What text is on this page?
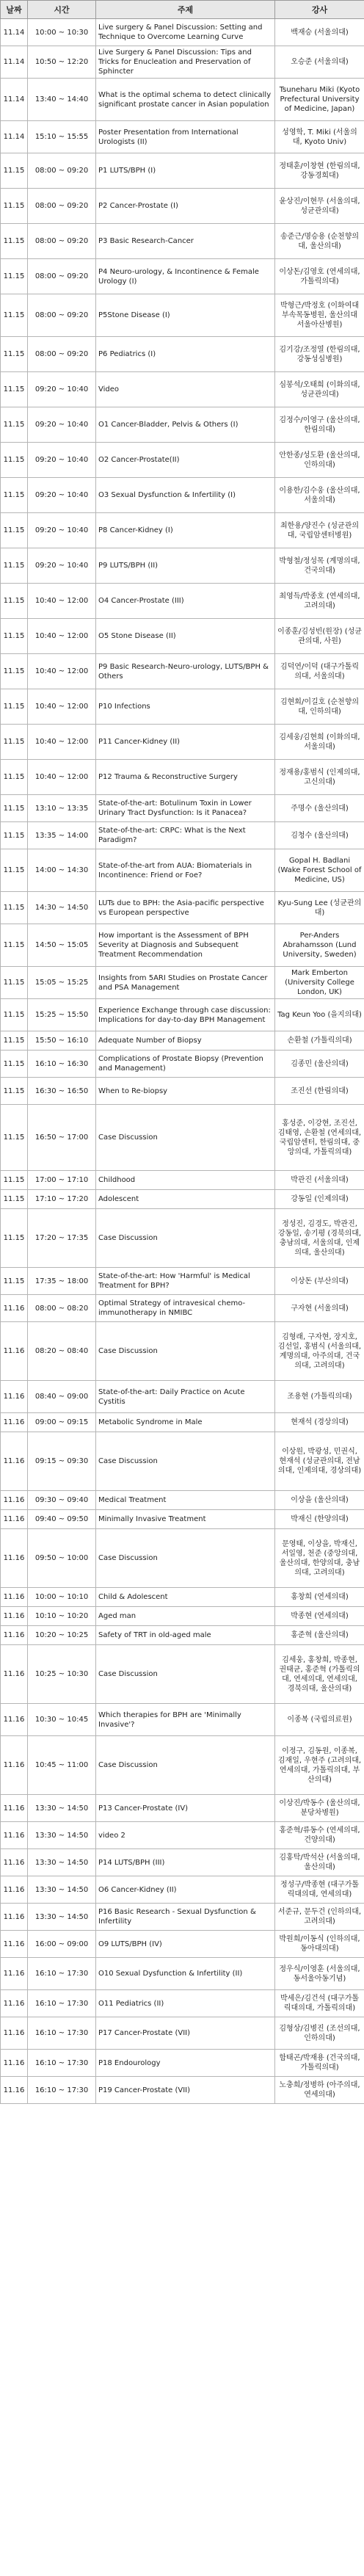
날짜	시간	주제	강사
11.14	10:00 ~ 10:30	Live surgery & Panel Discussion: Setting and Technique to Overcome Learning Curve	백재승 (서울의대)
11.14	10:50 ~ 12:20	Live Surgery & Panel Discussion: Tips and Tricks for Enucleation and Preservation of Sphincter	오승준 (서울의대)
11.14	13:40 ~ 14:40	What is the optimal schema to detect clinically significant prostate cancer in Asian population	Tsuneharu Miki (Kyoto Prefectural University of Medicine, Japan)
11.14	15:10 ~ 15:55	Poster Presentation from International Urologists (II)	성영학, T. Miki (서울의대, Kyoto Univ)
11.15	08:00 ~ 09:20	P1 LUTS/BPH (I)	정태훈/이창현 (한림의대, 강동경희대)
11.15	08:00 ~ 09:20	P2 Cancer-Prostate (I)	윤상진/이현무 (서울의대, 성균관의대)
11.15	08:00 ~ 09:20	P3 Basic Research-Cancer	송준근/명승용 (순천향의대, 울산의대)
11.15	08:00 ~ 09:20	P4 Neuro-urology, & Incontinence & Female Urology (I)	이상돈/김영호 (연세의대, 가톨릭의대)
11.15	08:00 ~ 09:20	P5Stone Disease (I)	박형근/박정호 (이화여대부속목동병원, 울산의대 서울아산병원)
11.15	08:00 ~ 09:20	P6 Pediatrics (I)	김기강/조정열 (한림의대, 강동성심병원)
11.15	09:20 ~ 10:40	Video	심봉석/오태희 (이화의대, 성균관의대)
11.15	09:20 ~ 10:40	O1 Cancer-Bladder, Pelvis & Others (I)	김정수/이영구 (울산의대, 한림의대)
11.15	09:20 ~ 10:40	O2 Cancer-Prostate(II)	안한종/성도환 (울산의대, 인하의대)
11.15	09:20 ~ 10:40	O3 Sexual Dysfunction & Infertility (I)	이용한/김수웅 (울산의대, 서울의대)
11.15	09:20 ~ 10:40	P8 Cancer-Kidney (I)	최한용/양진수 (성균관의대, 국립암센터병원)
11.15	09:20 ~ 10:40	P9 LUTS/BPH (II)	박형철/정성목 (계명의대, 건국의대)
11.15	10:40 ~ 12:00	O4 Cancer-Prostate (III)	최영득/박종호 (연세의대, 고려의대)
11.15	10:40 ~ 12:00	O5 Stone Disease (II)	이종훈/김성빈(원장) (성균관의대, 사원)
11.15	10:40 ~ 12:00	P9 Basic Research-Neuro-urology, LUTS/BPH & Others	김덕연/이덕 (대구가톨릭의대, 서울의대)
11.15	10:40 ~ 12:00	P10 Infections	김현회/이길호 (순천향의대, 인하의대)
11.15	10:40 ~ 12:00	P11 Cancer-Kidney (II)	김세웅/김현희 (이화의대, 서울의대)
11.15	10:40 ~ 12:00	P12 Trauma & Reconstructive Surgery	정재용/홍범식 (인제의대, 고신의대)
11.15	13:10 ~ 13:35	State-of-the-art: Botulinum Toxin in Lower Urinary Tract Dysfunction: Is it Panacea?	주명수 (울산의대)
11.15	13:35 ~ 14:00	State-of-the-art: CRPC: What is the Next Paradigm?	김청수 (울산의대)
11.15	14:00 ~ 14:30	State-of-the-art from AUA: Biomaterials in Incontinence: Friend or Foe?	Gopal H. Badlani (Wake Forest School of Medicine, US)
11.15	14:30 ~ 14:50	LUTs due to BPH: the Asia-pacific perspective vs European perspective	Kyu-Sung Lee (성균관의대)
11.15	14:50 ~ 15:05	How important is the Assessment of BPH Severity at Diagnosis and Subsequent Treatment Recommendation	Per-Anders Abrahamsson (Lund University, Sweden)
11.15	15:05 ~ 15:25	Insights from 5ARI Studies on Prostate Cancer and PSA Management	Mark Emberton (University College London, UK)
11.15	15:25 ~ 15:50	Experience Exchange through case discussion: Implications for day-to-day BPH Management	Tag Keun Yoo (을지의대)
11.15	15:50 ~ 16:10	Adequate Number of Biopsy	손환철 (가톨릭의대)
11.15	16:10 ~ 16:30	Complications of Prostate Biopsy (Prevention and Management)	김종민 (울산의대)
11.15	16:30 ~ 16:50	When to Re-biopsy	조진선 (한림의대)
11.15	16:50 ~ 17:00	Case Discussion	홍성준, 이강현, 조진선, 김태영, 손환철 (연세의대, 국립암센터, 한림의대, 중앙의대, 가톨릭의대)
11.15	17:00 ~ 17:10	Childhood	박관진 (서울의대)
11.15	17:10 ~ 17:20	Adolescent	강동일 (인제의대)
11.15	17:20 ~ 17:35	Case Discussion	정성진, 김경도, 박관진, 강동일, 송기평 (경북의대, 충남의대, 서울의대, 인제의대, 울산의대)
11.15	17:35 ~ 18:00	State-of-the-art: How 'Harmful' is Medical Treatment for BPH?	이상돈 (부산의대)
11.16	08:00 ~ 08:20	Optimal Strategy of intravesical chemo-immunotherapy in NMIBC	구자현 (서울의대)
11.16	08:20 ~ 08:40	Case Discussion	김형래, 구자현, 장지호, 김선일, 홍범식 (서울의대, 계명의대, 아주의대, 건국의대, 고려의대)
11.16	08:40 ~ 09:00	State-of-the-art: Daily Practice on Acute Cystitis	조용현 (가톨릭의대)
11.16	09:00 ~ 09:15	Metabolic Syndrome in Male	현재석 (경상의대)
11.16	09:15 ~ 09:30	Case Discussion	이상원, 박광성, 민권식, 현재석 (성균관의대, 전남의대, 인제의대, 경상의대)
11.16	09:30 ~ 09:40	Medical Treatment	이상을 (울산의대)
11.16	09:40 ~ 09:50	Minimally Invasive Treatment	박재신 (한양의대)
11.16	09:50 ~ 10:00	Case Discussion	문영태, 이상을, 박재신, 서일영, 천준 (중앙의대, 울산의대, 한양의대, 충남의대, 고려의대)
11.16	10:00 ~ 10:10	Child & Adolescent	홍창희 (연세의대)
11.16	10:10 ~ 10:20	Aged man	박종현 (연세의대)
11.16	10:20 ~ 10:25	Safety of TRT in old-aged male	홍준혁 (울산의대)
11.16	10:25 ~ 10:30	Case Discussion	김세웅, 홍창희, 박종현, 권태균, 홍준혁 (가톨릭의대, 연세의대, 연세의대, 경북의대, 울산의대)
11.16	10:30 ~ 10:45	Which therapies for BPH are 'Minimally Invasive'?	이종복 (국립의료원)
11.16	10:45 ~ 11:00	Case Discussion	이정구, 김동원, 이종복, 김재일, 우현주 (고려의대, 연세의대, 가톨릭의대, 부산의대)
11.16	13:30 ~ 14:50	P13 Cancer-Prostate (IV)	이상진/박동수 (울산의대, 분당차병원)
11.16	13:30 ~ 14:50	video 2	홍준혁/류동수 (연세의대, 건양의대)
11.16	13:30 ~ 14:50	P14 LUTS/BPH (III)	김홍탁/박석산 (서울의대, 울산의대)
11.16	13:30 ~ 14:50	O6 Cancer-Kidney (II)	정성구/박종현 (대구가톨릭대의대, 연세의대)
11.16	13:30 ~ 14:50	P16 Basic Research - Sexual Dysfunction & Infertility	서준규, 문두건 (인하의대, 고려의대)
11.16	16:00 ~ 09:00	O9 LUTS/BPH (IV)	박원희/이동식 (인하의대, 동아대의대)
11.16	16:10 ~ 17:30	O10 Sexual Dysfunction & Infertility (II)	정우식/이영훈 (서울의대, 동서울아동기념)
11.16	16:10 ~ 17:30	O11 Pediatrics (II)	박세은/김건석 (대구가톨릭대의대, 가톨릭의대)
11.16	16:10 ~ 17:30	P17 Cancer-Prostate (VII)	김형상/김병진 (조선의대, 인하의대)
11.16	16:10 ~ 17:30	P18 Endourology	함태곤/박재용 (건국의대, 가톨릭의대)
11.16	16:10 ~ 17:30	P19 Cancer-Prostate (VII)	노충희/정병하 (아주의대, 연세의대)
